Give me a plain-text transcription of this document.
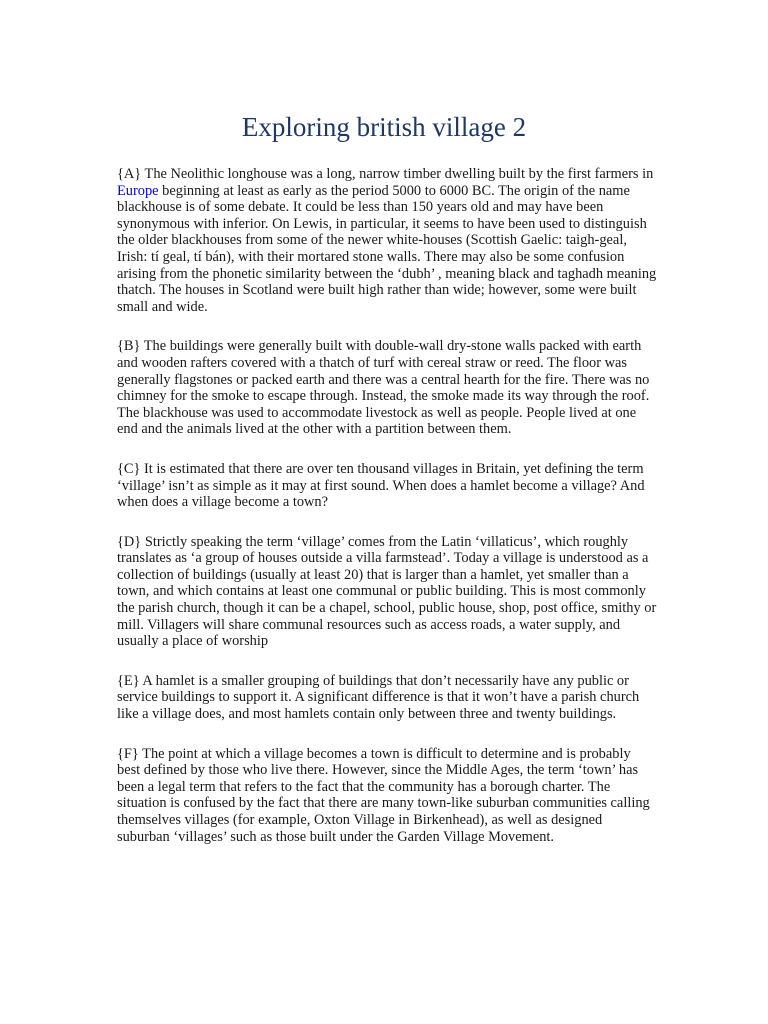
Exploring british village 2

{A} The Neolithic longhouse was a long, narrow timber dwelling built by the first farmers in Europe beginning at least as early as the period 5000 to 6000 BC. The origin of the name blackhouse is of some debate. It could be less than 150 years old and may have been synonymous with inferior. On Lewis, in particular, it seems to have been used to distinguish the older blackhouses from some of the newer white-houses (Scottish Gaelic: taigh-geal, Irish: tí geal, tí bán), with their mortared stone walls. There may also be some confusion arising from the phonetic similarity between the ‘dubh’ , meaning black and taghadh meaning thatch. The houses in Scotland were built high rather than wide; however, some were built small and wide.

{B} The buildings were generally built with double-wall dry-stone walls packed with earth and wooden rafters covered with a thatch of turf with cereal straw or reed. The floor was generally flagstones or packed earth and there was a central hearth for the fire. There was no chimney for the smoke to escape through. Instead, the smoke made its way through the roof. The blackhouse was used to accommodate livestock as well as people. People lived at one end and the animals lived at the other with a partition between them.

{C} It is estimated that there are over ten thousand villages in Britain, yet defining the term ‘village’ isn’t as simple as it may at first sound. When does a hamlet become a village? And when does a village become a town?

{D} Strictly speaking the term ‘village’ comes from the Latin ‘villaticus’, which roughly translates as ‘a group of houses outside a villa farmstead’. Today a village is understood as a collection of buildings (usually at least 20) that is larger than a hamlet, yet smaller than a town, and which contains at least one communal or public building. This is most commonly the parish church, though it can be a chapel, school, public house, shop, post office, smithy or mill. Villagers will share communal resources such as access roads, a water supply, and usually a place of worship

{E} A hamlet is a smaller grouping of buildings that don’t necessarily have any public or service buildings to support it. A significant difference is that it won’t have a parish church like a village does, and most hamlets contain only between three and twenty buildings.

{F} The point at which a village becomes a town is difficult to determine and is probably best defined by those who live there. However, since the Middle Ages, the term ‘town’ has been a legal term that refers to the fact that the community has a borough charter. The situation is confused by the fact that there are many town-like suburban communities calling themselves villages (for example, Oxton Village in Birkenhead), as well as designed suburban ‘villages’ such as those built under the Garden Village Movement.
